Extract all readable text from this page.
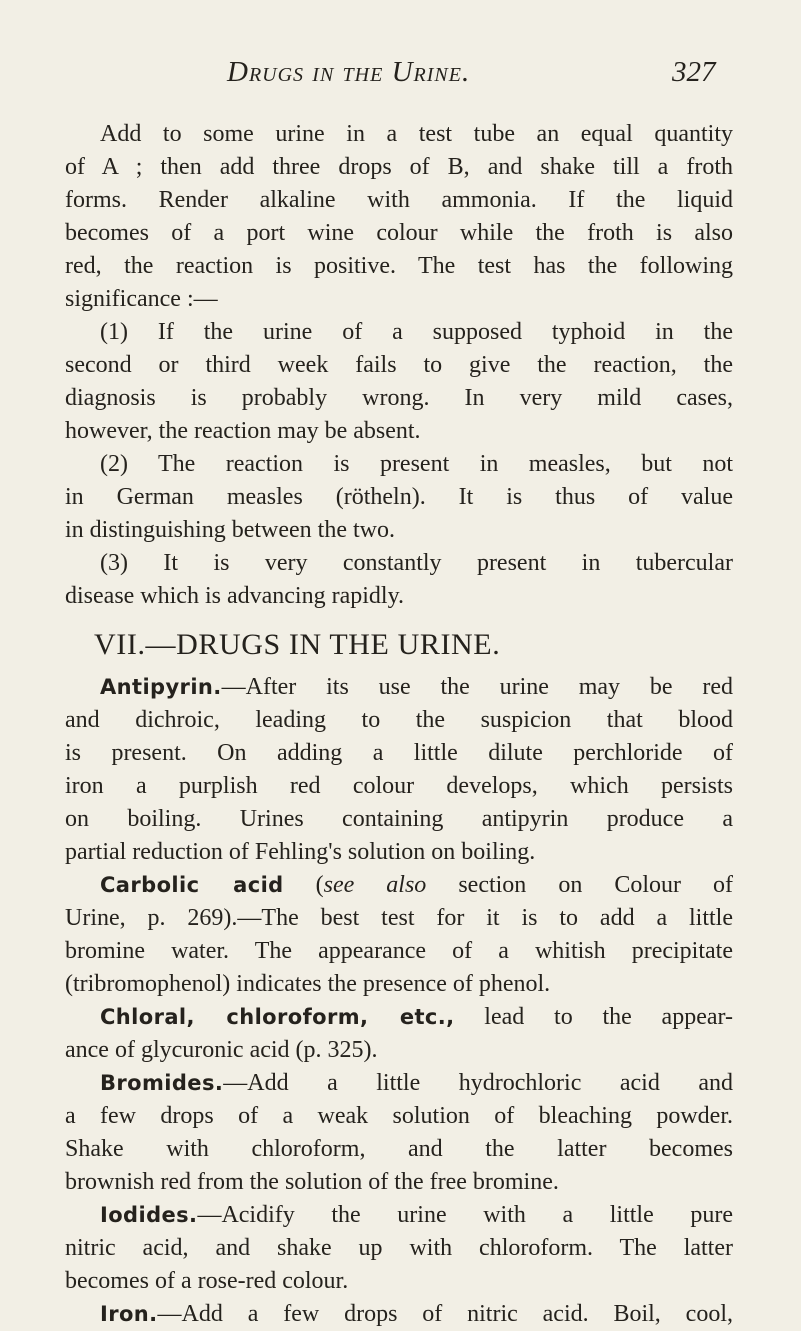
Drugs in the Urine.	327
Add to some urine in a test tube an equal quantity
of A ; then add three drops of B, and shake till a froth
forms. Render alkaline with ammonia. If the liquid
becomes of a port wine colour while the froth is also
red, the reaction is positive. The test has the following
significance :—
(1) If the urine of a supposed typhoid in the
second or third week fails to give the reaction, the
diagnosis is probably wrong. In very mild cases,
however, the reaction may be absent.
(2) The reaction is present in measles, but not
in German measles (rötheln). It is thus of value
in distinguishing between the two.
(3) It is very constantly present in tubercular
disease which is advancing rapidly.
VII.—DRUGS IN THE URINE.
Antipyrin.—After its use the urine may be red
and dichroic, leading to the suspicion that blood
is present. On adding a little dilute perchloride of
iron a purplish red colour develops, which persists
on boiling. Urines containing antipyrin produce a
partial reduction of Fehling's solution on boiling.
Carbolic acid (see also section on Colour of
Urine, p. 269).—The best test for it is to add a little
bromine water. The appearance of a whitish precipitate
(tribromophenol) indicates the presence of phenol.
Chloral, chloroform, etc., lead to the appear-
ance of glycuronic acid (p. 325).
Bromides.—Add a little hydrochloric acid and
a few drops of a weak solution of bleaching powder.
Shake with chloroform, and the latter becomes
brownish red from the solution of the free bromine.
Iodides.—Acidify the urine with a little pure
nitric acid, and shake up with chloroform. The latter
becomes of a rose-red colour.
Iron.—Add a few drops of nitric acid. Boil, cool,
